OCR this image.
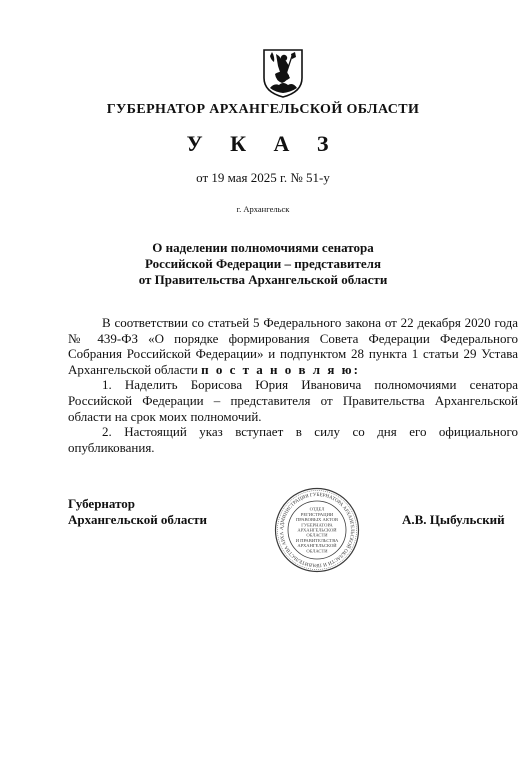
ГУБЕРНАТОР АРХАНГЕЛЬСКОЙ ОБЛАСТИ
У К А З
от 19 мая 2025 г. № 51-у
г. Архангельск
О наделении полномочиями сенатора
Российской Федерации – представителя
от Правительства Архангельской области

В соответствии со статьей 5 Федерального закона от 22 декабря 2020 года № 439-ФЗ «О порядке формирования Совета Федерации Федерального Собрания Российской Федерации» и подпунктом 28 пункта 1 статьи 29 Устава Архангельской области п о с т а н о в л я ю:

1. Наделить Борисова Юрия Ивановича полномочиями сенатора Российской Федерации – представителя от Правительства Архангельской области на срок моих полномочий.

2. Настоящий указ вступает в силу со дня его официального опубликования.

Губернатор
Архангельской области
АДМИНИСТРАЦИЯ ГУБЕРНАТОРА АРХАНГЕЛЬСКОЙ ОБЛАСТИ И ПРАВИТЕЛЬСТВА АРХА
ОТДЕЛ
РЕГИСТРАЦИИ
ПРАВОВЫХ АКТОВ
ГУБЕРНАТОРА
АРХАНГЕЛЬСКОЙ
ОБЛАСТИ
И ПРАВИТЕЛЬСТВА
АРХАНГЕЛЬСКОЙ
ОБЛАСТИ
А.В. Цыбульский
